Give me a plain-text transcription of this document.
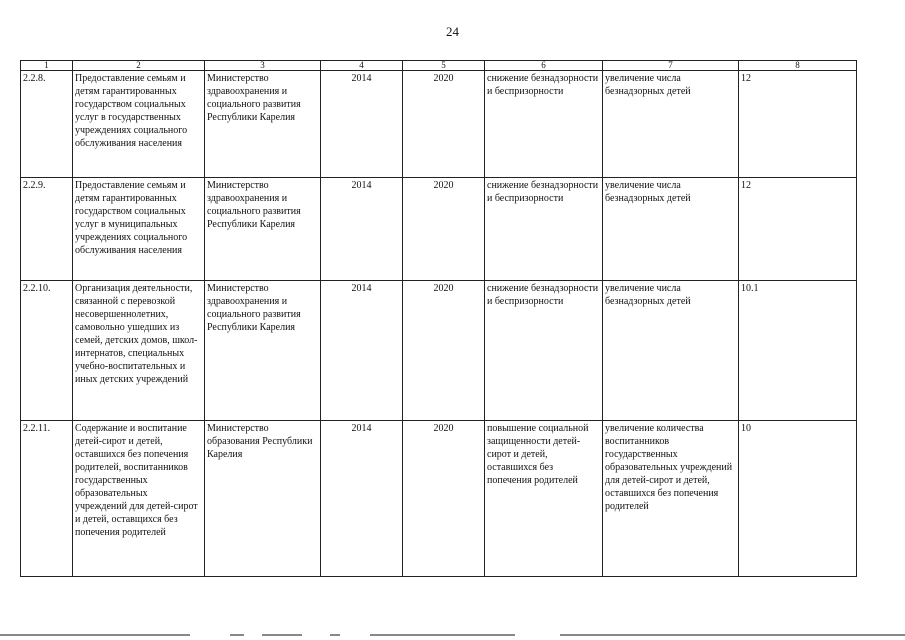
24
1	2	3	4	5	6	7	8
2.2.8.	Предоставление семьям и детям гарантированных государством социальных услуг в государственных учреждениях социального обслуживания населения	Министерство здравоохранения и социального развития Республики Карелия	2014	2020	снижение безнадзорности и беспризорности	увеличение числа безнадзорных детей	12
2.2.9.	Предоставление семьям и детям гарантированных государством социальных услуг в муниципальных учреждениях социального обслуживания населения	Министерство здравоохранения и социального развития Республики Карелия	2014	2020	снижение безнадзорности и беспризорности	увеличение числа безнадзорных детей	12
2.2.10.	Организация деятельности, связанной с перевозкой несовершеннолетних, самовольно ушедших из семей, детских домов, школ-интернатов, специальных учебно-воспитательных и иных детских учреждений	Министерство здравоохранения и социального развития Республики Карелия	2014	2020	снижение безнадзорности и беспризорности	увеличение числа безнадзорных детей	10.1
2.2.11.	Содержание и воспитание детей-сирот и детей, оставшихся без попечения родителей, воспитанников государственных образовательных учреждений для детей-сирот и детей, оставщихся без попечения родителей	Министерство образования Республики Карелия	2014	2020	повышение социальной защищенности детей-сирот и детей, оставшихся без попечения родителей	увеличение количества воспитанников государственных образовательных учреждений для детей-сирот и детей, оставшихся без попечения родителей	10
